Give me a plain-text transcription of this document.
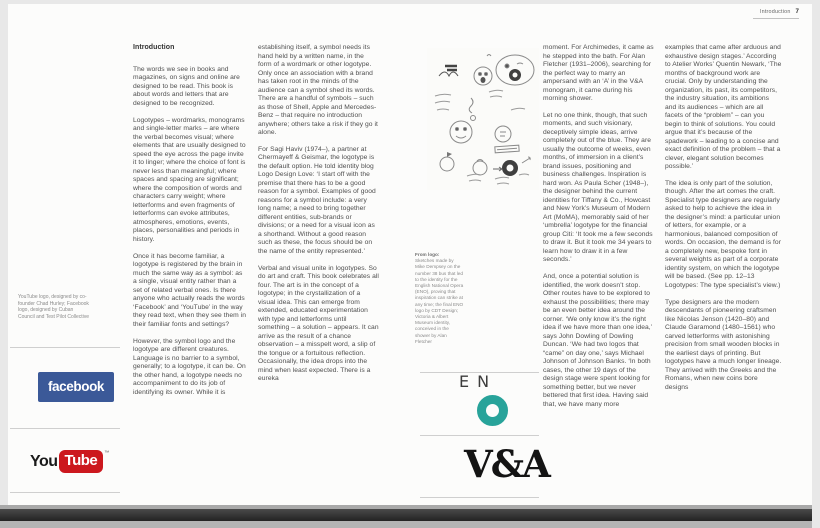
Introduction 7
Introduction

The words we see in books and magazines, on signs and online are designed to be read. This book is about words and letters that are designed to be recognized.

Logotypes – wordmarks, monograms and single-letter marks – are where the verbal becomes visual; where elements that are usually designed to speed the eye across the page invite it to linger; where the choice of font is never less than meaningful; where spaces and spacing are significant; where the composition of words and characters carry weight; where letterforms and even fragments of letterforms can evoke attributes, atmospheres, emotions, events, places, personalities and periods in history.

Once it has become familiar, a logotype is registered by the brain in much the same way as a symbol: as a single, visual entity rather than a set of related verbal ones. Is there anyone who actually reads the words ‘Facebook’ and ‘YouTube’ in the way they read text, when they see them in their familiar fonts and settings?

However, the symbol logo and the logotype are different creatures. Language is no barrier to a symbol, generally; to a logotype, it can be. On the other hand, a logotype needs no accompaniment to do its job of identifying its owner. While it is

establishing itself, a symbol needs its hand held by a written name, in the form of a wordmark or other logotype. Only once an association with a brand has taken root in the minds of the audience can a symbol shed its words. There are a handful of symbols – such as those of Shell, Apple and Mercedes-Benz – that require no introduction anywhere; others take a risk if they go it alone.

For Sagi Haviv (1974–), a partner at Chermayeff & Geismar, the logotype is the default option. He told identity blog Logo Design Love: ‘I start off with the premise that there has to be a good reason for a symbol. Examples of good reasons for a symbol include: a very long name; a need to bring together different entities, sub-brands or divisions; or a need for a visual icon as a shorthand. Without a good reason such as these, the focus should be on the name of the entity represented.’

Verbal and visual unite in logotypes. So do art and craft. This book celebrates all four. The art is in the concept of a logotype; in the crystallization of a visual idea. This can emerge from extended, educated experimentation with type and letterforms until something – a solution – appears. It can arrive as the result of a chance observation – a misspelt word, a slip of the tongue or a fortuitous reflection. Occasionally, the idea drops into the mind when least expected. There is a eureka

moment. For Archimedes, it came as he stepped into the bath. For Alan Fletcher (1931–2006), searching for the perfect way to marry an ampersand with an ‘A’ in the V&A monogram, it came during his morning shower.

Let no one think, though, that such moments, and such visionary, deceptively simple ideas, arrive completely out of the blue. They are usually the outcome of weeks, even months, of immersion in a client’s brand issues, positioning and business challenges. Inspiration is hard won. As Paula Scher (1948–), the designer behind the current identities for Tiffany & Co., Howcast and New York’s Museum of Modern Art (MoMA), memorably said of her ‘umbrella’ logotype for the financial group Citi: ‘It took me a few seconds to draw it. But it took me 34 years to learn how to draw it in a few seconds.’

And, once a potential solution is identified, the work doesn’t stop. Other routes have to be explored to exhaust the possibilities; there may be an even better idea around the corner. ‘We only know it’s the right idea if we have more than one idea,’ says John Dowling of Dowling Duncan. ‘We had two logos that “came” on day one,’ says Michael Johnson of Johnson Banks. ‘In both cases, the other 19 days of the design stage were spent looking for something better, but we never bettered that first idea. Having said that, we have many more

examples that came after arduous and exhaustive design stages.’ According to Atelier Works’ Quentin Newark, ‘The months of background work are crucial. Only by understanding the organization, its past, its competitors, the industry situation, its ambitions and its audiences – which are all facets of the “problem” – can you begin to think of solutions. You could argue that it’s because of the spadework – leading to a concise and exact definition of the problem – that a clever, elegant solution becomes possible.’

The idea is only part of the solution, though. After the art comes the craft. Specialist type designers are regularly asked to help to achieve the idea in the designer’s mind: a particular union of letters, for example, or a harmonious, balanced composition of words. On occasion, the demand is for a completely new, bespoke font in several weights as part of a corporate identity system, on which the logotype will be based. (See pp. 12–13 Logotypes: The type specialist’s view.)

Type designers are the modern descendants of pioneering craftsmen like Nicolas Jenson (1420–80) and Claude Garamond (1480–1561) who carved letterforms with astonishing precision from small wooden blocks in the earliest days of printing. But logotypes have a much longer lineage. They arrived with the Greeks and the Romans, when new coins bore designs

YouTube logo, designed by co-founder Chad Hurley; Facebook logo, designed by Cuban Council and Test Pilot Collective
facebook
You Tube	™
From logo:
Sketches made by Mike Dempsey on the number 38 bus that led to the identity for the English National Opera (ENO), proving that inspiration can strike at any time; the final ENO logo by CDT Design; Victoria & Albert Museum identity, conceived in the shower by Alan Fletcher
EN
V&A
